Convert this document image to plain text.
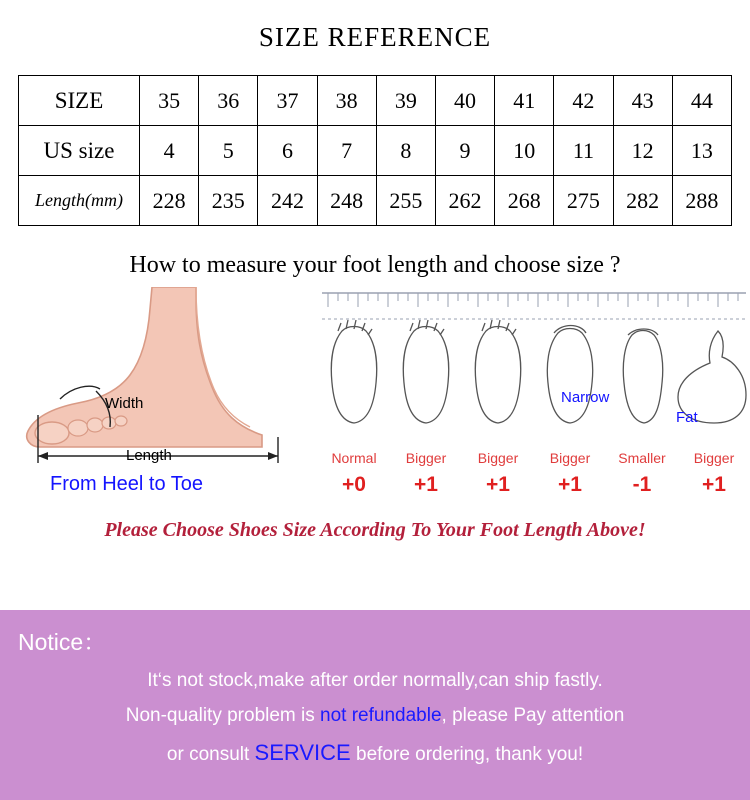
SIZE REFERENCE
SIZE	35	36	37	38	39	40	41	42	43	44
US size	4	5	6	7	8	9	10	11	12	13
Length(mm)	228	235	242	248	255	262	268	275	282	288
How to measure your foot length and choose size ?
Width
Length
From Heel to Toe
Narrow
Fat
Normal	Bigger	Bigger	Bigger	Smaller	Bigger
+0	+1	+1	+1	-1	+1
Please Choose Shoes Size According To Your Foot Length Above!
Notice：
It‘s not stock,make after order normally,can ship fastly.
Non-quality problem is not refundable, please Pay attention
or consult SERVICE before ordering, thank you!
